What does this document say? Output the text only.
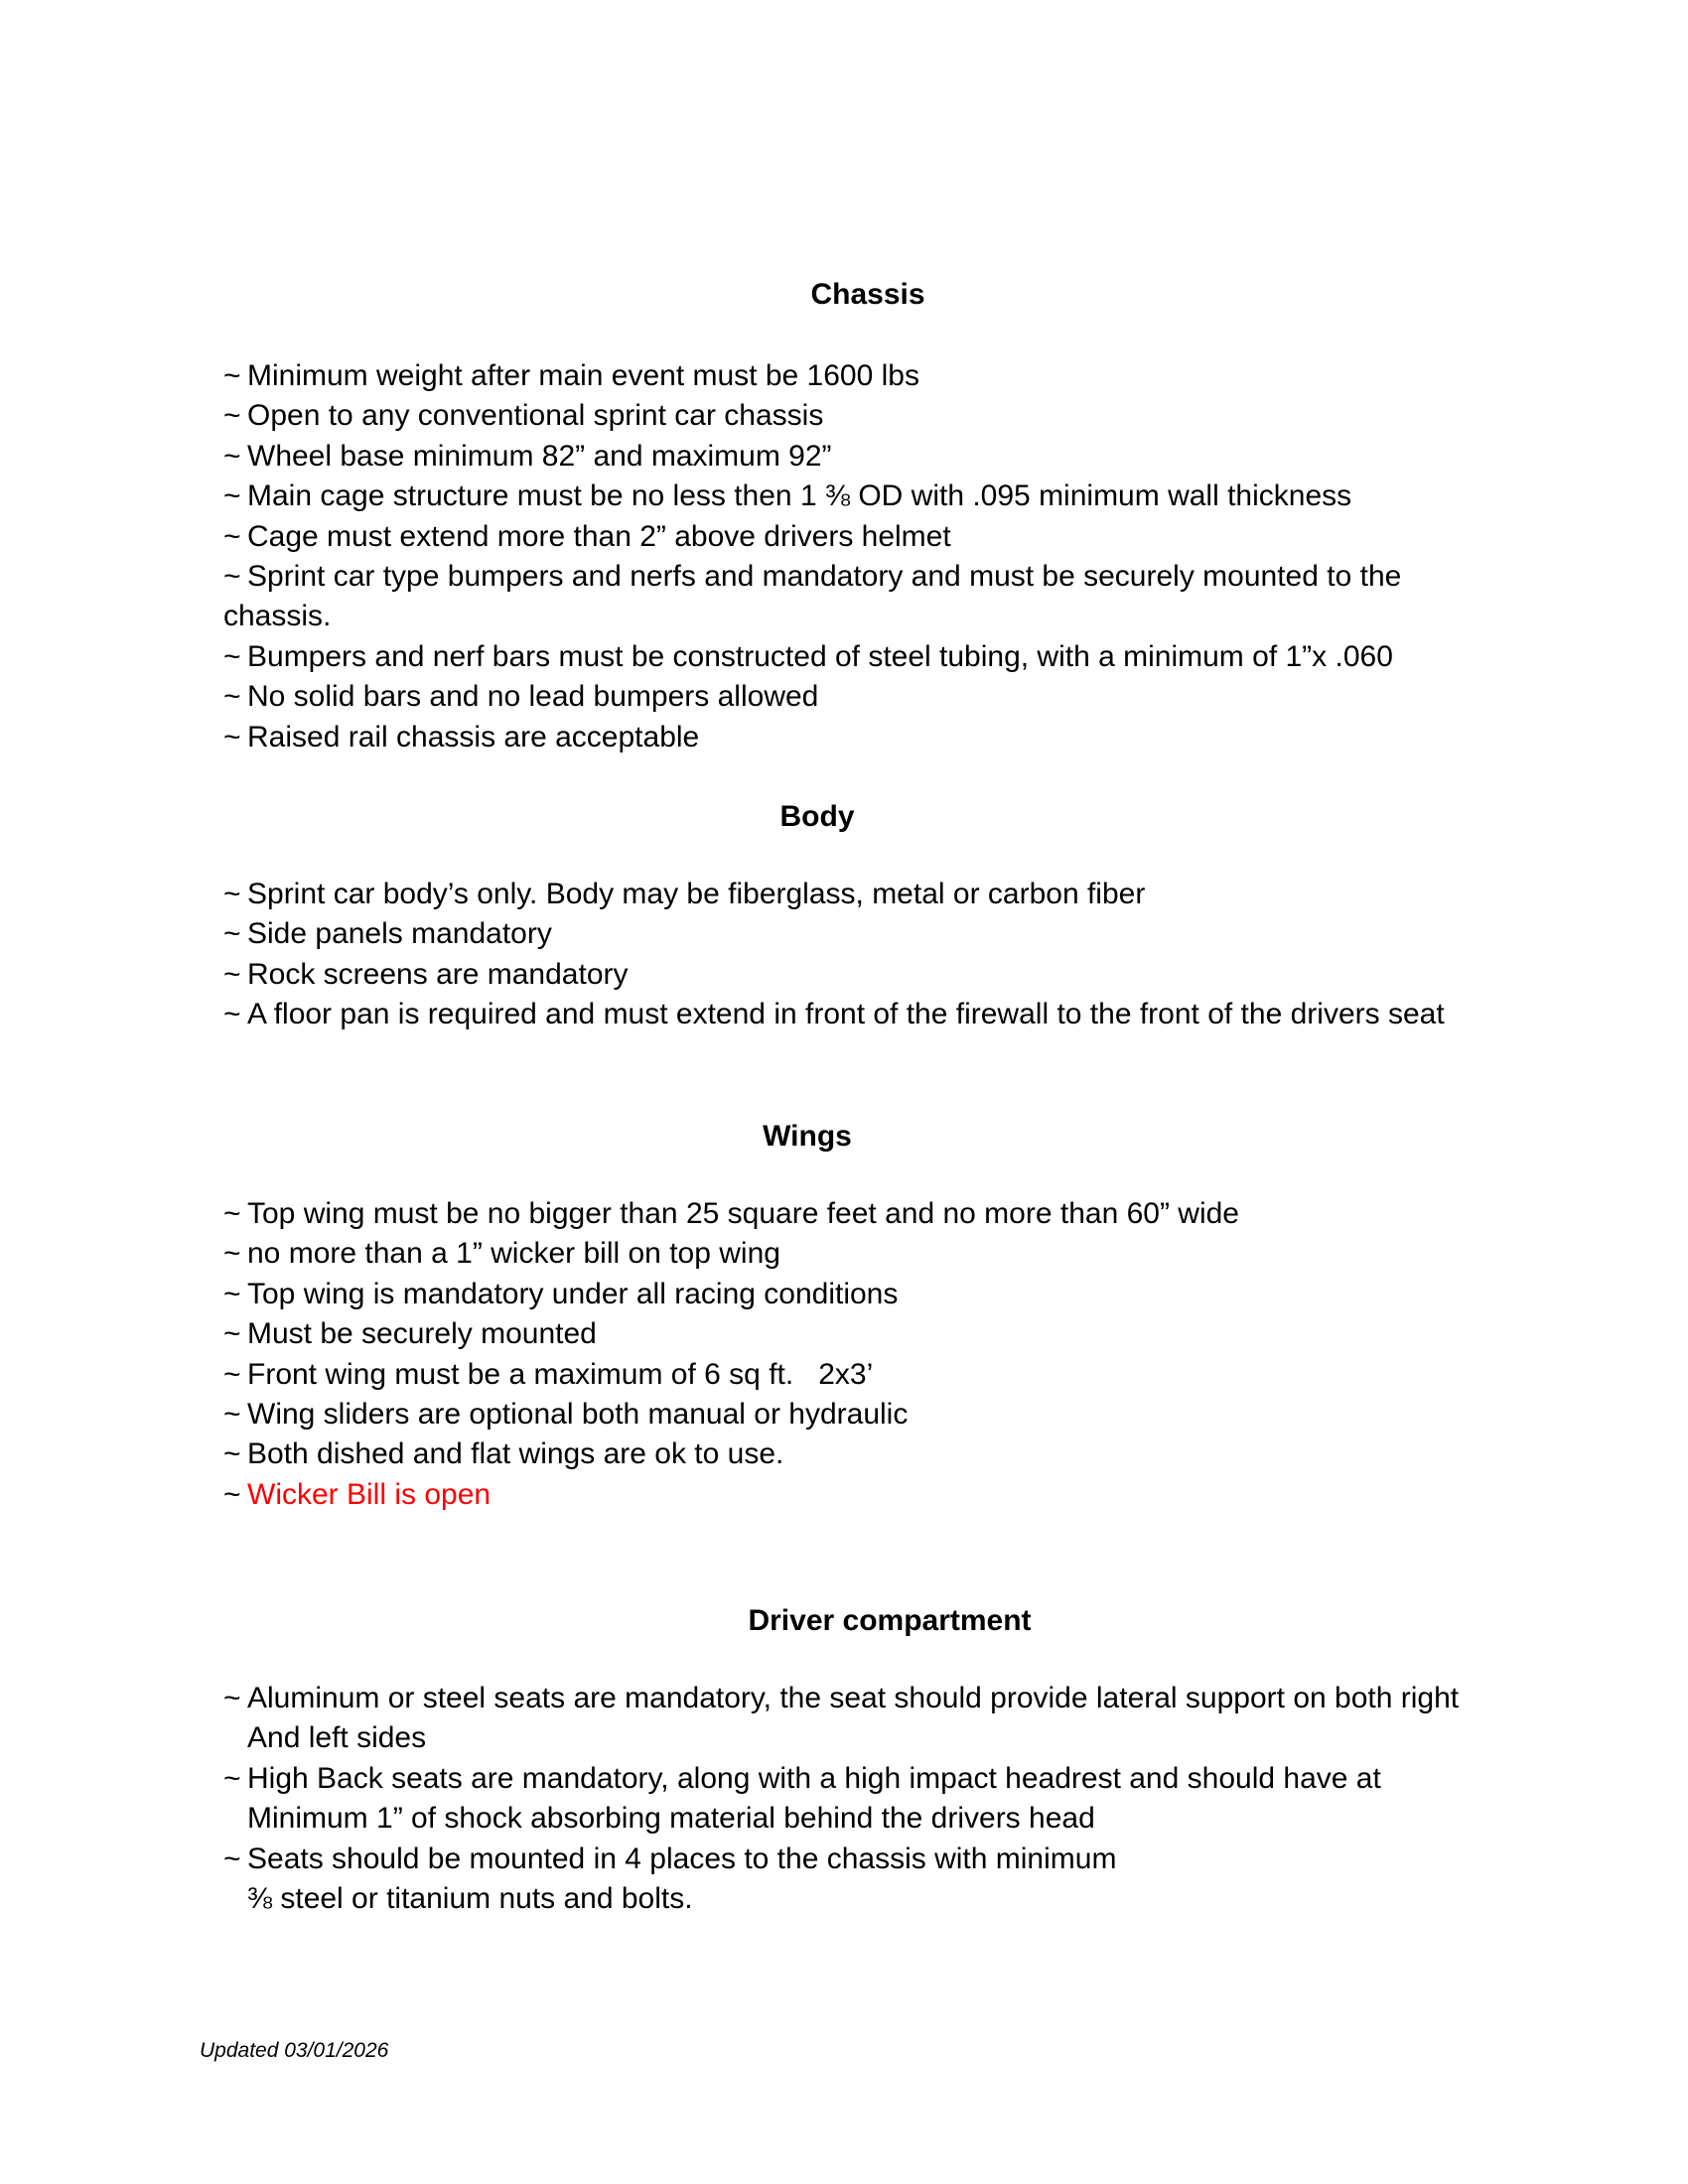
Chassis
~ Minimum weight after main event must be 1600 lbs
~ Open to any conventional sprint car chassis
~ Wheel base minimum 82” and maximum 92”
~ Main cage structure must be no less then 1 ⅜ OD with .095 minimum wall thickness
~ Cage must extend more than 2” above drivers helmet
~ Sprint car type bumpers and nerfs and mandatory and must be securely mounted to the
chassis.
~ Bumpers and nerf bars must be constructed of steel tubing, with a minimum of 1”x .060
~ No solid bars and no lead bumpers allowed
~ Raised rail chassis are acceptable
Body
~ Sprint car body’s only. Body may be fiberglass, metal or carbon fiber
~ Side panels mandatory
~ Rock screens are mandatory
~ A floor pan is required and must extend in front of the firewall to the front of the drivers seat
Wings
~ Top wing must be no bigger than 25 square feet and no more than 60” wide
~ no more than a 1” wicker bill on top wing
~ Top wing is mandatory under all racing conditions
~ Must be securely mounted
~ Front wing must be a maximum of 6 sq ft.   2x3’
~ Wing sliders are optional both manual or hydraulic
~ Both dished and flat wings are ok to use.
~ Wicker Bill is open
Driver compartment
~ Aluminum or steel seats are mandatory, the seat should provide lateral support on both right
And left sides
~ High Back seats are mandatory, along with a high impact headrest and should have at
Minimum 1” of shock absorbing material behind the drivers head
~ Seats should be mounted in 4 places to the chassis with minimum
⅜ steel or titanium nuts and bolts.
Updated 03/01/2026
